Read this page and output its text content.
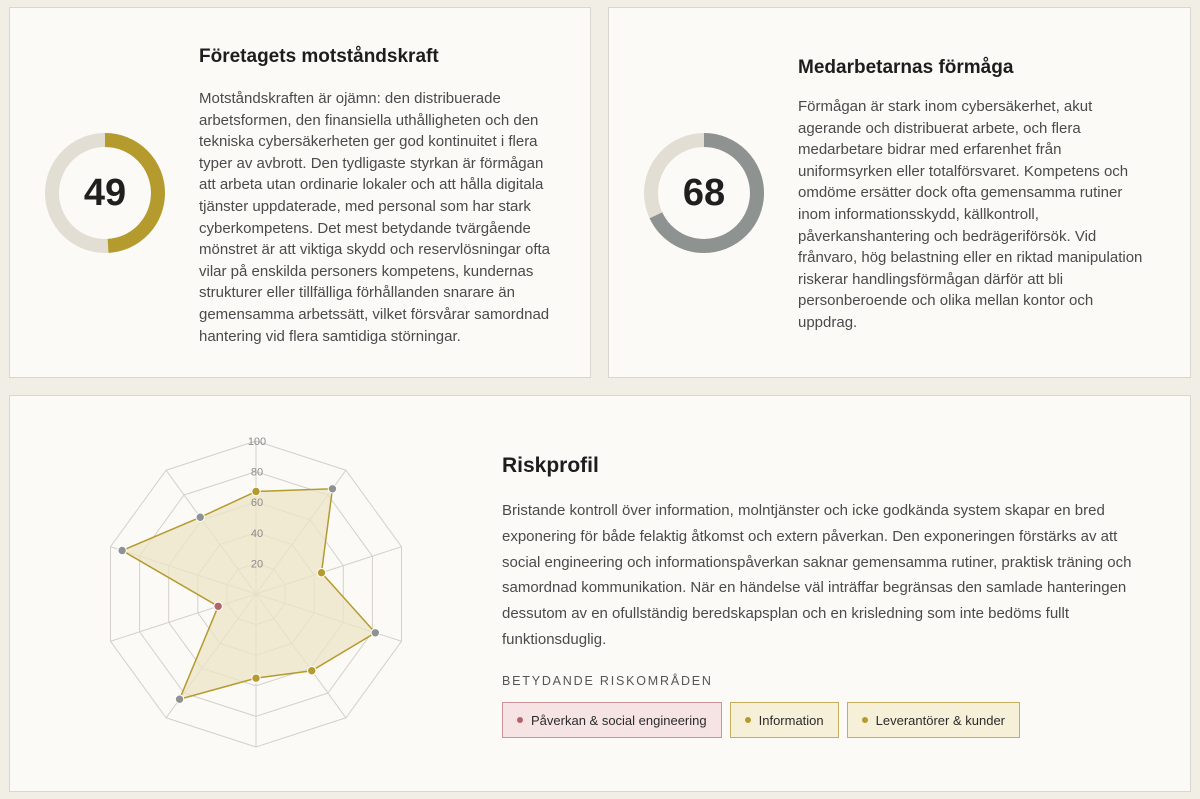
49
Företagets motståndskraft
Motståndskraften är ojämn: den distribuerade
arbetsformen, den finansiella uthålligheten och den
tekniska cybersäkerheten ger god kontinuitet i flera
typer av avbrott. Den tydligaste styrkan är förmågan
att arbeta utan ordinarie lokaler och att hålla digitala
tjänster uppdaterade, med personal som har stark
cyberkompetens. Det mest betydande tvärgående
mönstret är att viktiga skydd och reservlösningar ofta
vilar på enskilda personers kompetens, kundernas
strukturer eller tillfälliga förhållanden snarare än
gemensamma arbetssätt, vilket försvårar samordnad
hantering vid flera samtidiga störningar.
68
Medarbetarnas förmåga
Förmågan är stark inom cybersäkerhet, akut
agerande och distribuerat arbete, och flera
medarbetare bidrar med erfarenhet från
uniformsyrken eller totalförsvaret. Kompetens och
omdöme ersätter dock ofta gemensamma rutiner
inom informationsskydd, källkontroll,
påverkanshantering och bedrägeriförsök. Vid
frånvaro, hög belastning eller en riktad manipulation
riskerar handlingsförmågan därför att bli
personberoende och olika mellan kontor och
uppdrag.
100
80
60
40
20
Riskprofil
Bristande kontroll över information, molntjänster och icke godkända system skapar en bred
exponering för både felaktig åtkomst och extern påverkan. Den exponeringen förstärks av att
social engineering och informationspåverkan saknar gemensamma rutiner, praktisk träning och
samordnad kommunikation. När en händelse väl inträffar begränsas den samlade hanteringen
dessutom av en ofullständig beredskapsplan och en krisledning som inte bedöms fullt
funktionsduglig.
BETYDANDE RISKOMRÅDEN
Påverkan & social engineering	Information	Leverantörer & kunder
